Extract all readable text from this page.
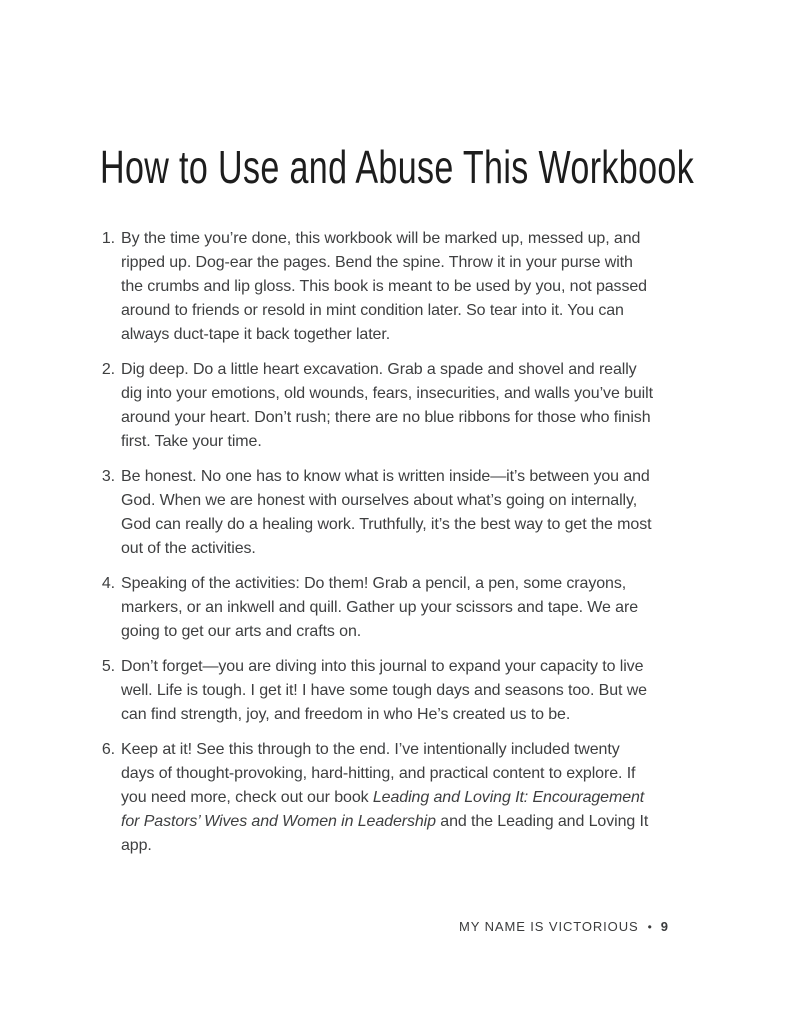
How to Use and Abuse This Workbook
1. By the time you’re done, this workbook will be marked up, messed up, and ripped up. Dog-ear the pages. Bend the spine. Throw it in your purse with the crumbs and lip gloss. This book is meant to be used by you, not passed around to friends or resold in mint condition later. So tear into it. You can always duct-tape it back together later.
2. Dig deep. Do a little heart excavation. Grab a spade and shovel and really dig into your emotions, old wounds, fears, insecurities, and walls you’ve built around your heart. Don’t rush; there are no blue ribbons for those who finish first. Take your time.
3. Be honest. No one has to know what is written inside—it’s between you and God. When we are honest with ourselves about what’s going on internally, God can really do a healing work. Truthfully, it’s the best way to get the most out of the activities.
4. Speaking of the activities: Do them! Grab a pencil, a pen, some crayons, markers, or an inkwell and quill. Gather up your scissors and tape. We are going to get our arts and crafts on.
5. Don’t forget—you are diving into this journal to expand your capacity to live well. Life is tough. I get it! I have some tough days and seasons too. But we can find strength, joy, and freedom in who He’s created us to be.
6. Keep at it! See this through to the end. I’ve intentionally included twenty days of thought-provoking, hard-hitting, and practical content to explore. If you need more, check out our book Leading and Loving It: Encouragement for Pastors’ Wives and Women in Leadership and the Leading and Loving It app.
MY NAME IS VICTORIOUS • 9
